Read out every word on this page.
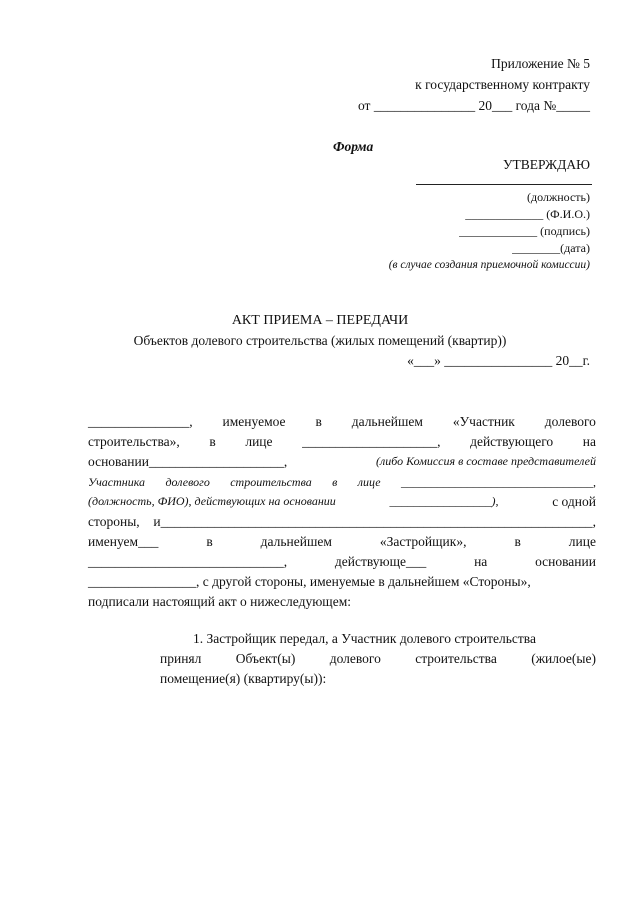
Приложение № 5
к государственному контракту
от _______________ 20___ года №_____
Форма
УТВЕРЖДАЮ
(должность)
_____________ (Ф.И.О.)
_____________ (подпись)
________(дата)
(в случае создания приемочной комиссии)
АКТ ПРИЕМА – ПЕРЕДАЧИ
Объектов долевого строительства (жилых помещений (квартир))
«___» ________________ 20__г.
_______________, именуемое в дальнейшем «Участник долевого
строительства», в лице ____________________, действующего на
основании____________________,	(либо Комиссия в составе представителей
Участника долевого строительства в лице ________________________________,
(должность, ФИО), действующих на основании	_________________),	с одной
стороны, и________________________________________________________________,
именуем___	в	дальнейшем	«Застройщик»,	в	лице
_____________________________,	действующе___	на	основании
________________, с другой стороны, именуемые в дальнейшем «Стороны»,
подписали настоящий акт о нижеследующем:
1. Застройщик передал, а Участник долевого строительства
принял	Объект(ы)	долевого	строительства	(жилое(ые)
помещение(я) (квартиру(ы)):
